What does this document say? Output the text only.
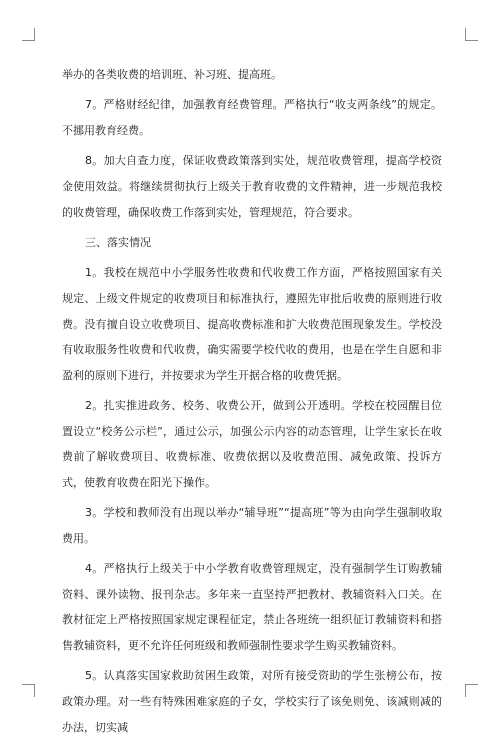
举办的各类收费的培训班、补习班、提高班。

7。严格财经纪律，加强教育经费管理。严格执行“收支两条线”的规定。不挪用教育经费。

8。加大自查力度，保证收费政策落到实处，规范收费管理，提高学校资金使用效益。将继续贯彻执行上级关于教育收费的文件精神，进一步规范我校的收费管理，确保收费工作落到实处，管理规范，符合要求。

三、落实情况

1。我校在规范中小学服务性收费和代收费工作方面，严格按照国家有关规定、上级文件规定的收费项目和标准执行，遵照先审批后收费的原则进行收费。没有擅自设立收费项目、提高收费标准和扩大收费范围现象发生。学校没有收取服务性收费和代收费，确实需要学校代收的费用，也是在学生自愿和非盈利的原则下进行，并按要求为学生开据合格的收费凭据。

2。扎实推进政务、校务、收费公开，做到公开透明。学校在校园醒目位置设立“校务公示栏”，通过公示，加强公示内容的动态管理，让学生家长在收费前了解收费项目、收费标准、收费依据以及收费范围、减免政策、投诉方式，使教育收费在阳光下操作。

3。学校和教师没有出现以举办“辅导班”“提高班”等为由向学生强制收取费用。

4。严格执行上级关于中小学教育收费管理规定，没有强制学生订购教辅资料、课外读物、报刊杂志。多年来一直坚持严把教材、教辅资料入口关。在教材征定上严格按照国家规定课程征定，禁止各班统一组织征订教辅资料和搭售教辅资料，更不允许任何班级和教师强制性要求学生购买教辅资料。

5。认真落实国家救助贫困生政策，对所有接受资助的学生张榜公布，按政策办理。对一些有特殊困难家庭的子女，学校实行了该免则免、该减则减的办法，切实减
